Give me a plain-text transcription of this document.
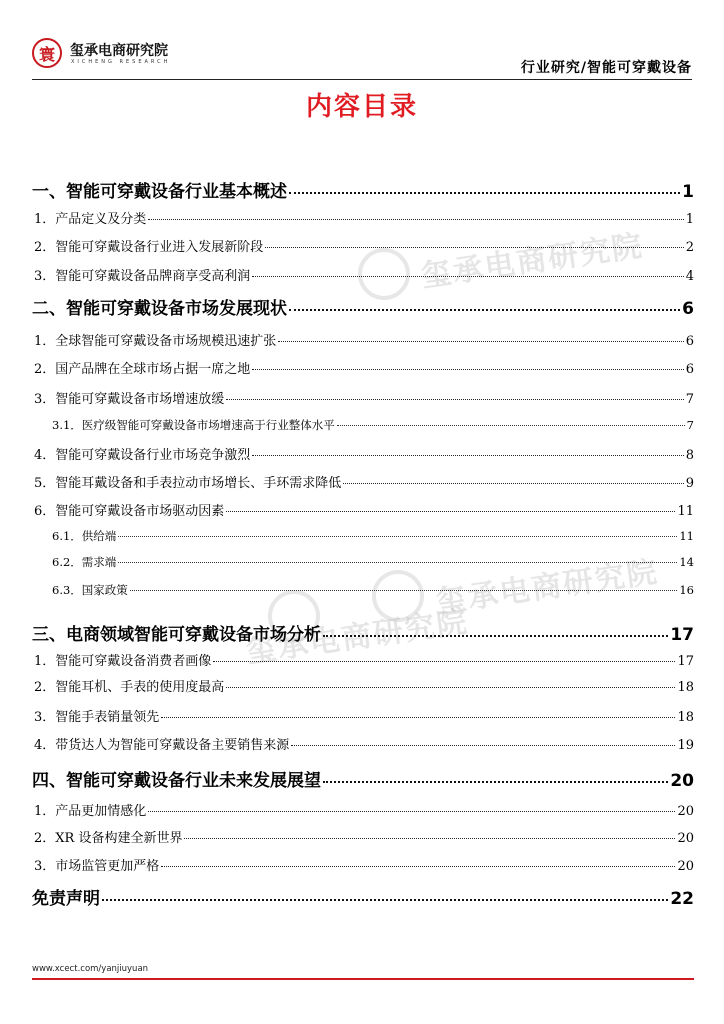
寰	玺承电商研究院
XICHENG RESEARCH	行业研究/智能可穿戴设备
内容目录
玺承电商研究院
玺承电商研究院
玺承电商研究院
一、智能可穿戴设备行业基本概述	1
1．产品定义及分类	1
2．智能可穿戴设备行业进入发展新阶段	2
3．智能可穿戴设备品牌商享受高利润	4
二、智能可穿戴设备市场发展现状	6
1．全球智能可穿戴设备市场规模迅速扩张	6
2．国产品牌在全球市场占据一席之地	6
3．智能可穿戴设备市场增速放缓	7
3.1．医疗级智能可穿戴设备市场增速高于行业整体水平	7
4．智能可穿戴设备行业市场竞争激烈	8
5．智能耳戴设备和手表拉动市场增长、手环需求降低	9
6．智能可穿戴设备市场驱动因素	11
6.1．供给端	11
6.2．需求端	14
6.3．国家政策	16
三、电商领域智能可穿戴设备市场分析	17
1．智能可穿戴设备消费者画像	17
2．智能耳机、手表的使用度最高	18
3．智能手表销量领先	18
4．带货达人为智能可穿戴设备主要销售来源	19
四、智能可穿戴设备行业未来发展展望	20
1．产品更加情感化	20
2．XR 设备构建全新世界	20
3．市场监管更加严格	20
免责声明	22
www.xcect.com/yanjiuyuan
